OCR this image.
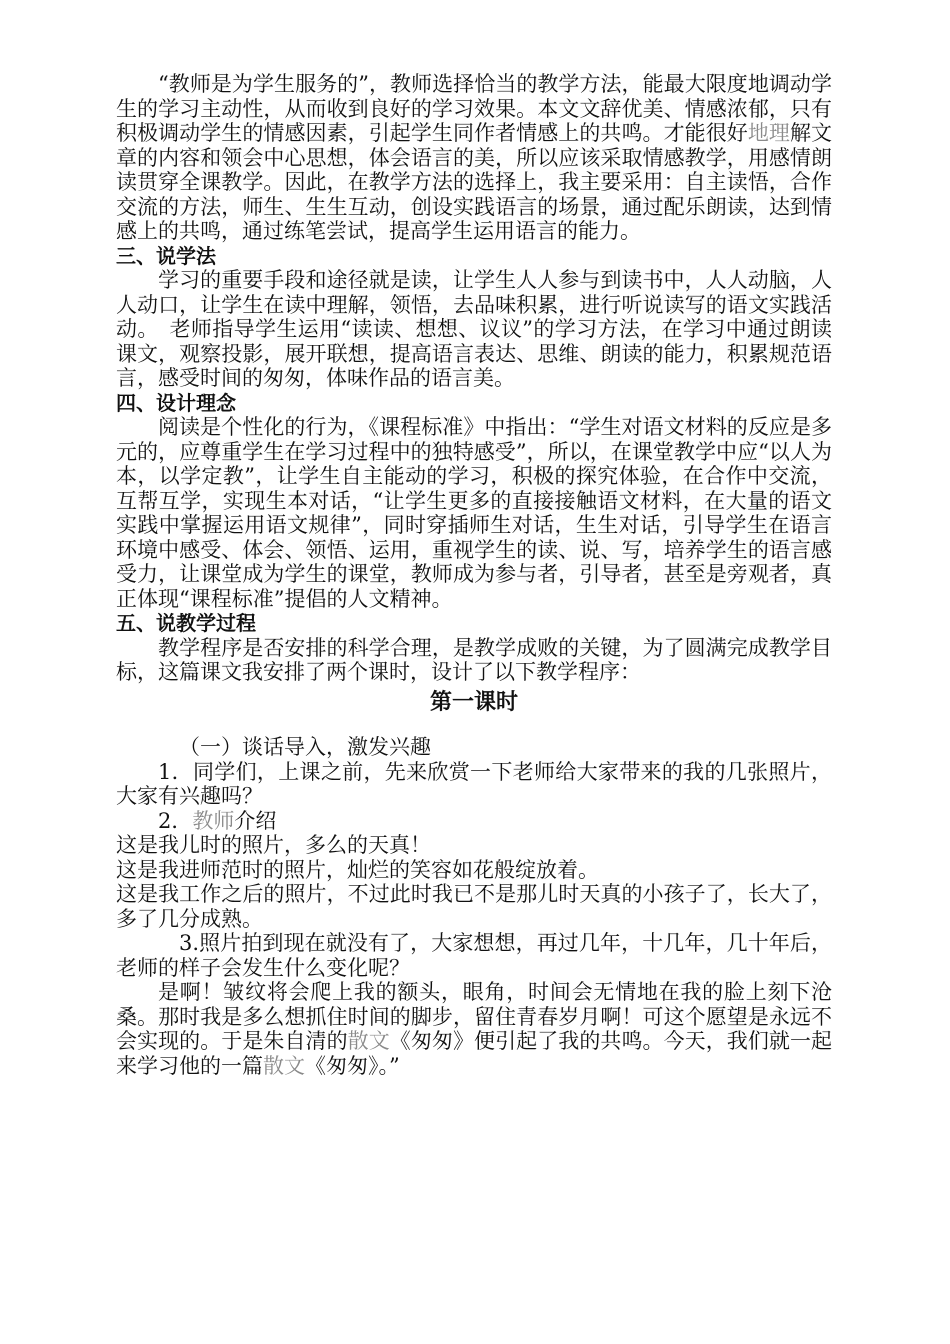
“教师是为学生服务的”，教师选择恰当的教学方法，能最大限度地调动学生的学习主动性，从而收到良好的学习效果。本文文辞优美、情感浓郁，只有积极调动学生的情感因素，引起学生同作者情感上的共鸣。才能很好地理解文章的内容和领会中心思想，体会语言的美，所以应该采取情感教学，用感情朗读贯穿全课教学。因此，在教学方法的选择上，我主要采用：自主读悟，合作交流的方法，师生、生生互动，创设实践语言的场景，通过配乐朗读，达到情感上的共鸣，通过练笔尝试，提高学生运用语言的能力。

三、说学法

学习的重要手段和途径就是读，让学生人人参与到读书中，人人动脑，人人动口，让学生在读中理解，领悟，去品味积累，进行听说读写的语文实践活动。　老师指导学生运用“读读、想想、议议”的学习方法，在学习中通过朗读课文，观察投影，展开联想，提高语言表达、思维、朗读的能力，积累规范语言，感受时间的匆匆，体味作品的语言美。

四、设计理念

阅读是个性化的行为，《课程标准》中指出：“学生对语文材料的反应是多元的，应尊重学生在学习过程中的独特感受”，所以，在课堂教学中应“以人为本，以学定教”，让学生自主能动的学习，积极的探究体验，在合作中交流，互帮互学，实现生本对话，“让学生更多的直接接触语文材料，在大量的语文实践中掌握运用语文规律”，同时穿插师生对话，生生对话，引导学生在语言环境中感受、体会、领悟、运用，重视学生的读、说、写，培养学生的语言感受力，让课堂成为学生的课堂，教师成为参与者，引导者，甚至是旁观者，真正体现“课程标准”提倡的人文精神。

五、说教学过程

教学程序是否安排的科学合理，是教学成败的关键，为了圆满完成教学目标，这篇课文我安排了两个课时，设计了以下教学程序：

第一课时

（一）谈话导入，激发兴趣

1．同学们，上课之前，先来欣赏一下老师给大家带来的我的几张照片，大家有兴趣吗？

2．教师介绍

这是我儿时的照片，多么的天真！

这是我进师范时的照片，灿烂的笑容如花般绽放着。

这是我工作之后的照片，不过此时我已不是那儿时天真的小孩子了，长大了，多了几分成熟。

3.照片拍到现在就没有了，大家想想，再过几年，十几年，几十年后，老师的样子会发生什么变化呢？

是啊！皱纹将会爬上我的额头，眼角，时间会无情地在我的脸上刻下沧桑。那时我是多么想抓住时间的脚步，留住青春岁月啊！可这个愿望是永远不会实现的。于是朱自清的散文《匆匆》便引起了我的共鸣。今天，我们就一起来学习他的一篇散文《匆匆》。”
